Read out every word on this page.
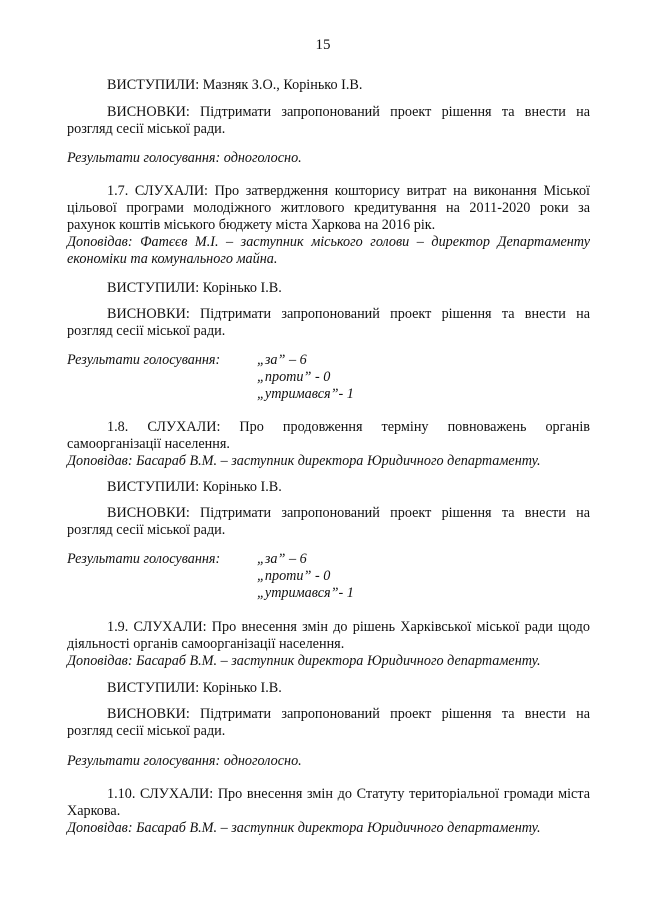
15
ВИСТУПИЛИ: Мазняк З.О., Корінько І.В.
ВИСНОВКИ: Підтримати запропонований проект рішення та внести на розгляд сесії міської ради.
Результати голосування: одноголосно.
1.7. СЛУХАЛИ: Про затвердження кошторису витрат на виконання Міської цільової програми молодіжного житлового кредитування на 2011-2020 роки за рахунок коштів міського бюджету міста Харкова на 2016 рік.
Доповідав: Фатєєв М.І. – заступник міського голови – директор Департаменту економіки та комунального майна.
ВИСТУПИЛИ: Корінько І.В.
ВИСНОВКИ: Підтримати запропонований проект рішення та внести на розгляд сесії міської ради.
Результати голосування:	„за” – 6
„проти” - 0
„утримався”- 1
1.8. СЛУХАЛИ: Про продовження терміну повноважень органів
самоорганізації населення.
Доповідав: Басараб В.М. – заступник директора Юридичного департаменту.
ВИСТУПИЛИ: Корінько І.В.
ВИСНОВКИ: Підтримати запропонований проект рішення та внести на розгляд сесії міської ради.
Результати голосування:	„за” – 6
„проти” - 0
„утримався”- 1
1.9. СЛУХАЛИ: Про внесення змін до рішень Харківської міської ради щодо діяльності органів самоорганізації населення.
Доповідав: Басараб В.М. – заступник директора Юридичного департаменту.
ВИСТУПИЛИ: Корінько І.В.
ВИСНОВКИ: Підтримати запропонований проект рішення та внести на розгляд сесії міської ради.
Результати голосування: одноголосно.
1.10. СЛУХАЛИ: Про внесення змін до Статуту територіальної громади міста Харкова.
Доповідав: Басараб В.М. – заступник директора Юридичного департаменту.
